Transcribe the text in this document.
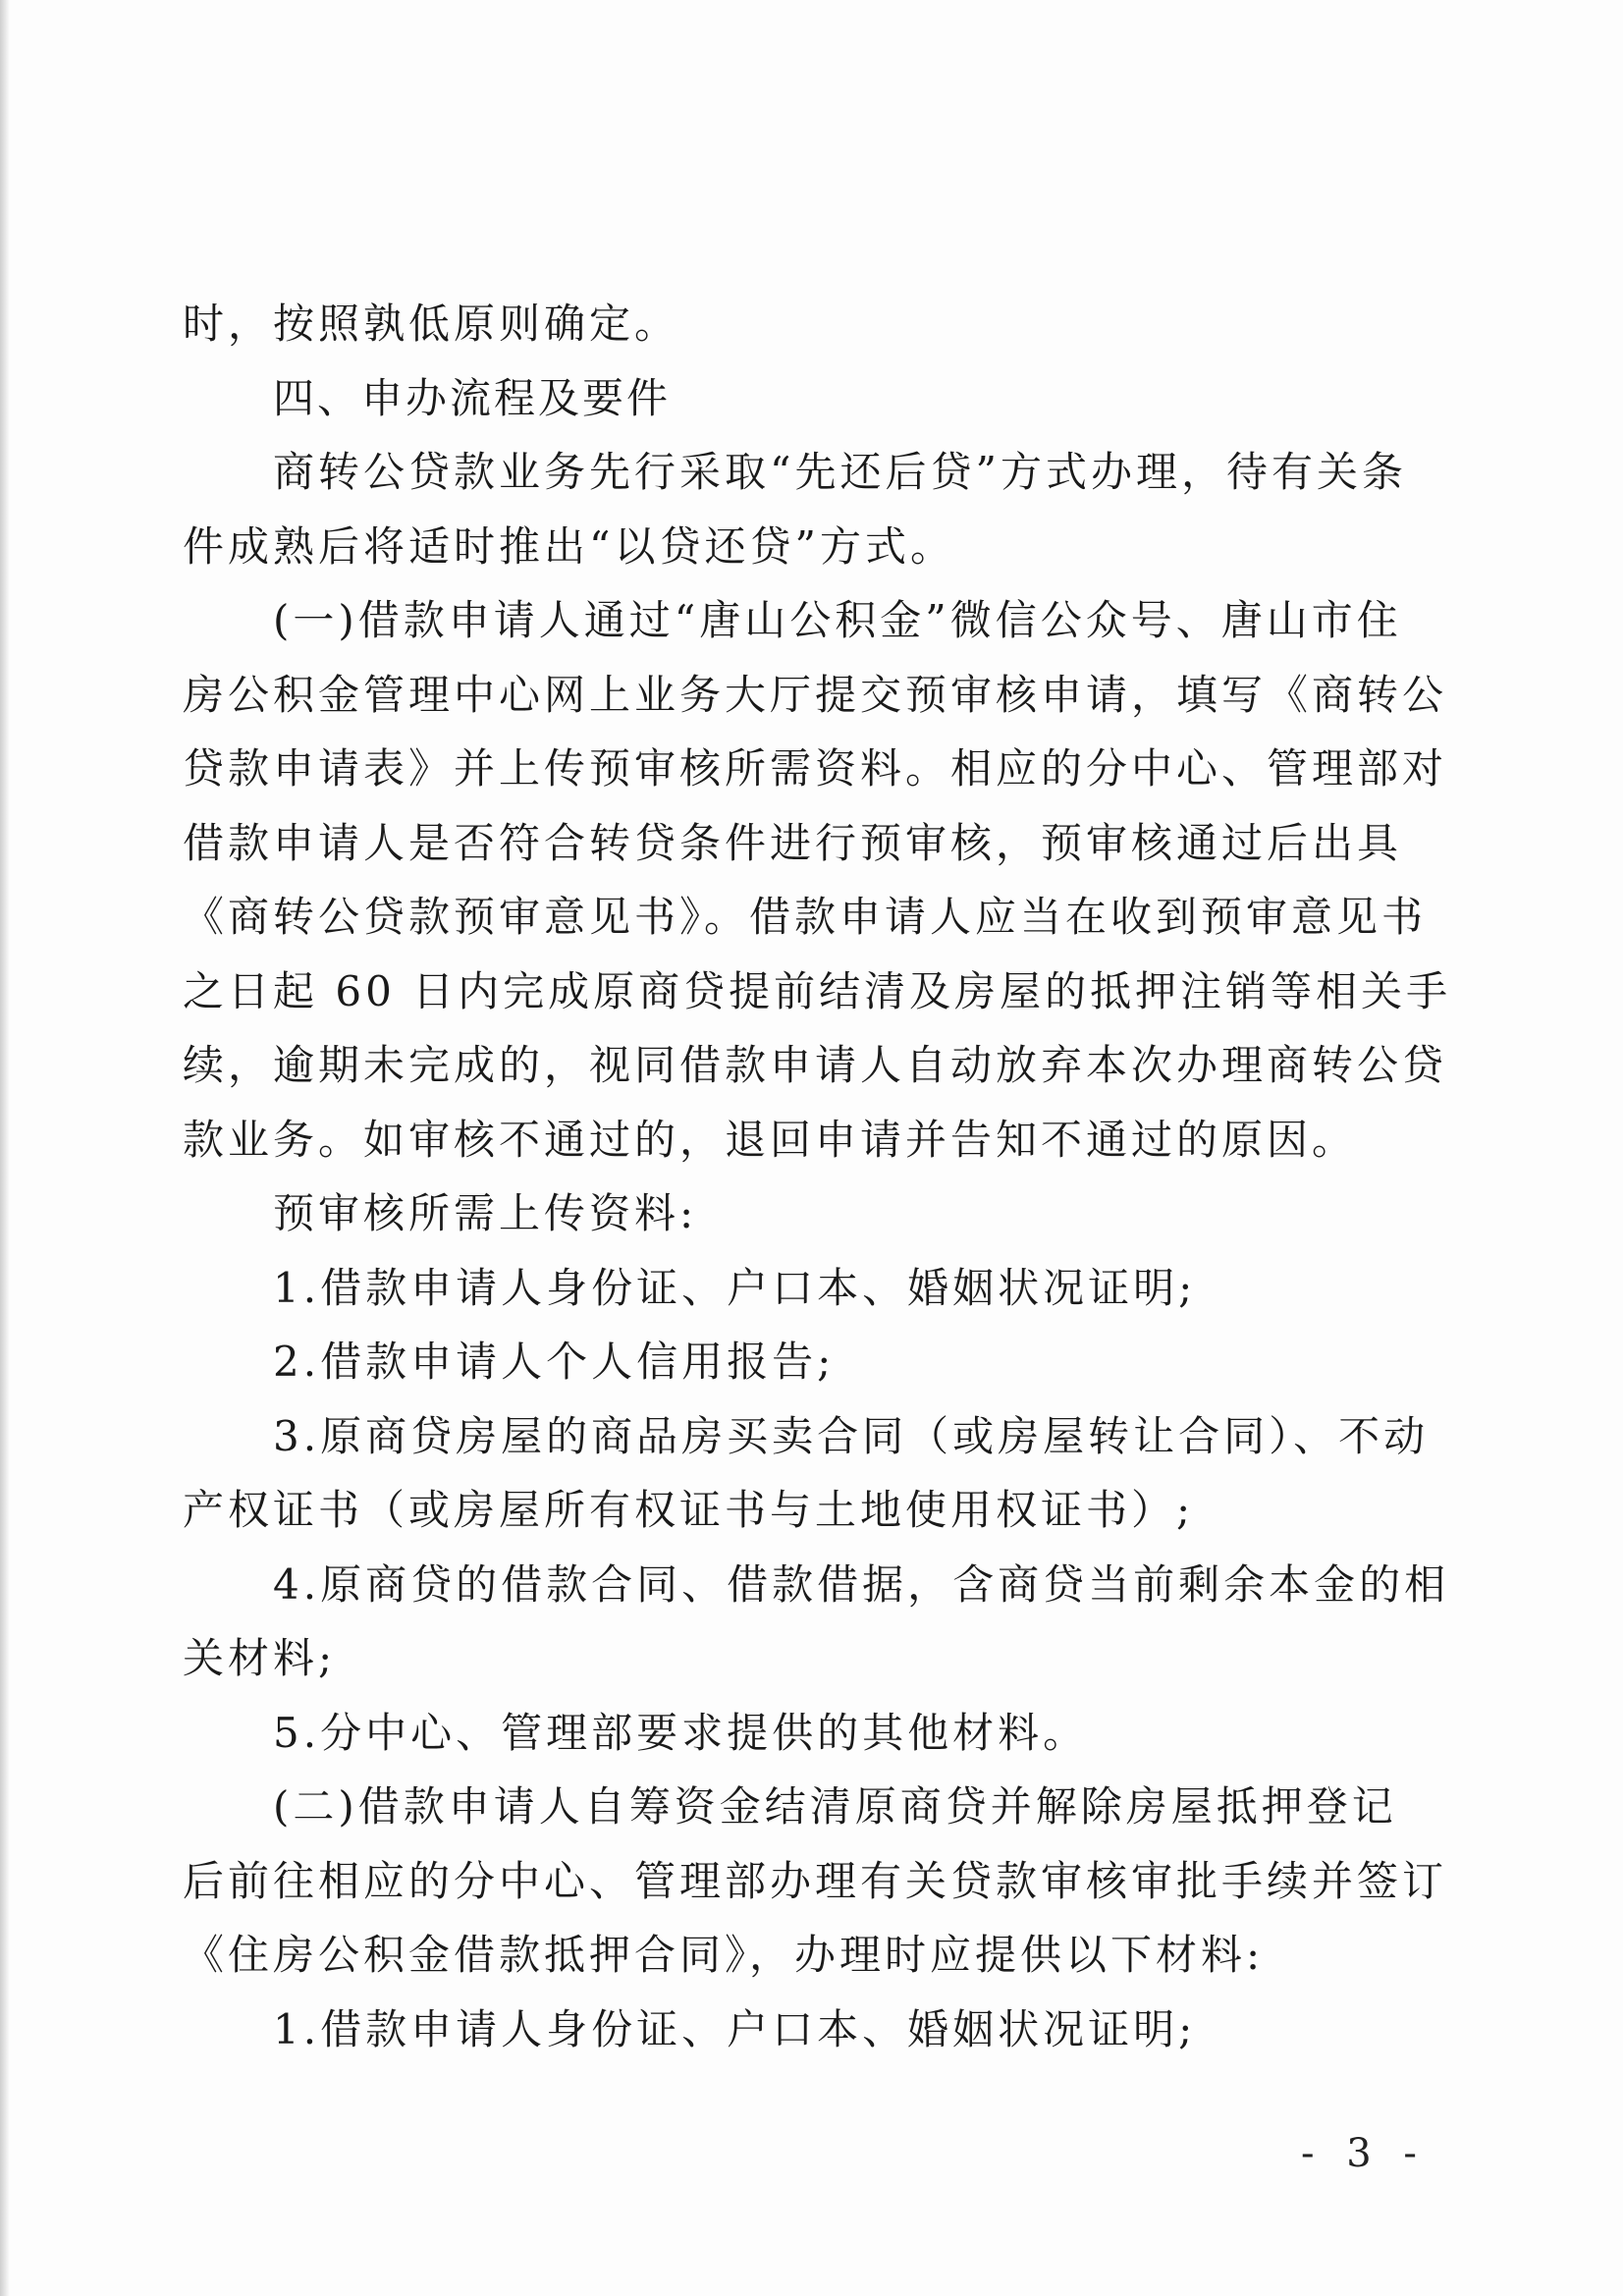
时，按照孰低原则确定。
四、申办流程及要件
商转公贷款业务先行采取“先还后贷”方式办理，待有关条
件成熟后将适时推出“以贷还贷”方式。
(一)借款申请人通过“唐山公积金”微信公众号、唐山市住
房公积金管理中心网上业务大厅提交预审核申请，填写《商转公
贷款申请表》并上传预审核所需资料。相应的分中心、管理部对
借款申请人是否符合转贷条件进行预审核，预审核通过后出具
《商转公贷款预审意见书》。借款申请人应当在收到预审意见书
之日起 60 日内完成原商贷提前结清及房屋的抵押注销等相关手
续，逾期未完成的，视同借款申请人自动放弃本次办理商转公贷
款业务。如审核不通过的，退回申请并告知不通过的原因。
预审核所需上传资料:
1.借款申请人身份证、户口本、婚姻状况证明;
2.借款申请人个人信用报告;
3.原商贷房屋的商品房买卖合同（或房屋转让合同）、不动
产权证书（或房屋所有权证书与土地使用权证书）;
4.原商贷的借款合同、借款借据，含商贷当前剩余本金的相
关材料;
5.分中心、管理部要求提供的其他材料。
(二)借款申请人自筹资金结清原商贷并解除房屋抵押登记
后前往相应的分中心、管理部办理有关贷款审核审批手续并签订
《住房公积金借款抵押合同》，办理时应提供以下材料:
1.借款申请人身份证、户口本、婚姻状况证明;
- 3 -
